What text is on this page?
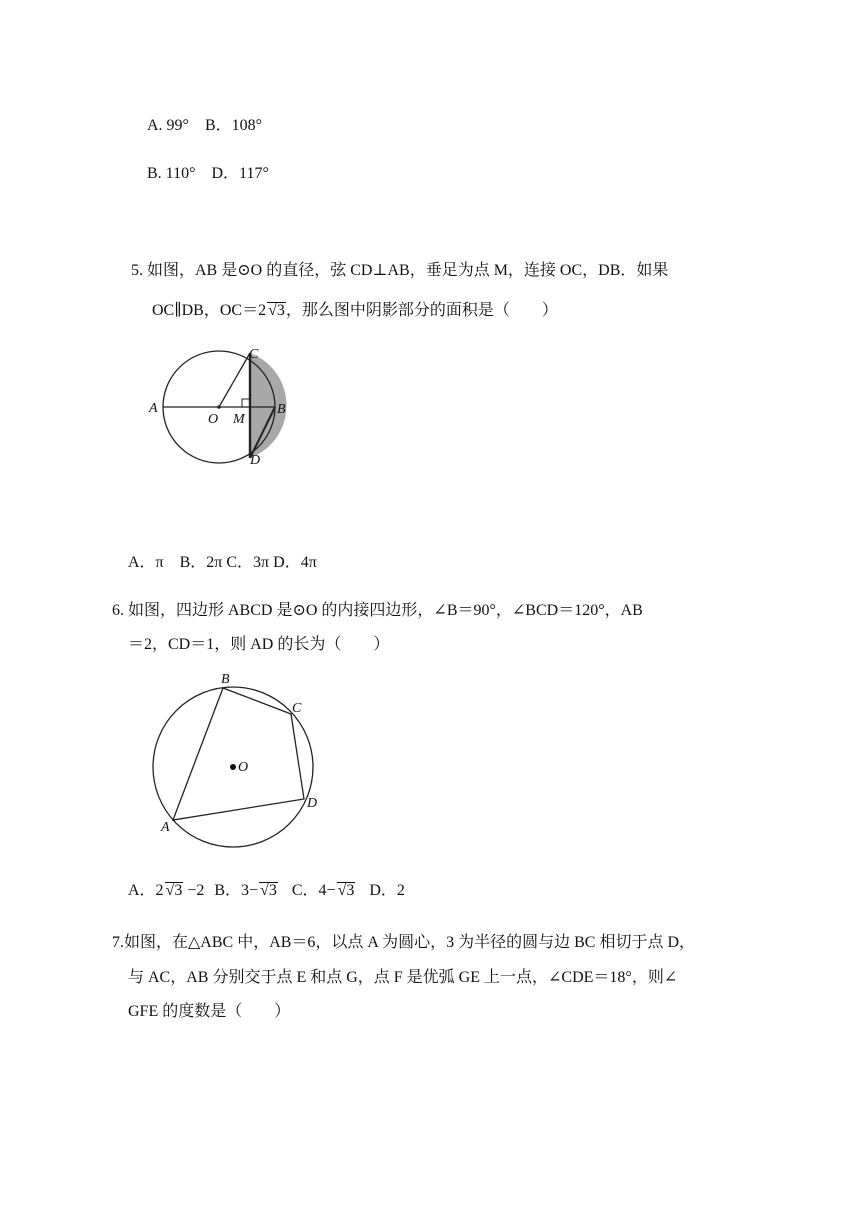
A. 99°　B．108°
B. 110°　D．117°
5. 如图，AB 是⊙O 的直径，弦 CD⊥AB，垂足为点 M，连接 OC，DB．如果
OC∥DB，OC＝2 √3，那么图中阴影部分的面积是（　　）
A
O M
B
C
D
A．π　B．2π C．3π D．4π
6. 如图，四边形 ABCD 是⊙O 的内接四边形，∠B＝90°，∠BCD＝120°，AB
＝2，CD＝1，则 AD 的长为（　　）
O
B
C
D
A
A．2 √3 −2 B．3− √3 C．4− √3 D．2
7.如图，在△ABC 中，AB＝6，以点 A 为圆心，3 为半径的圆与边 BC 相切于点 D，
与 AC，AB 分别交于点 E 和点 G，点 F 是优弧 GE 上一点，∠CDE＝18°，则∠
GFE 的度数是（　　）
